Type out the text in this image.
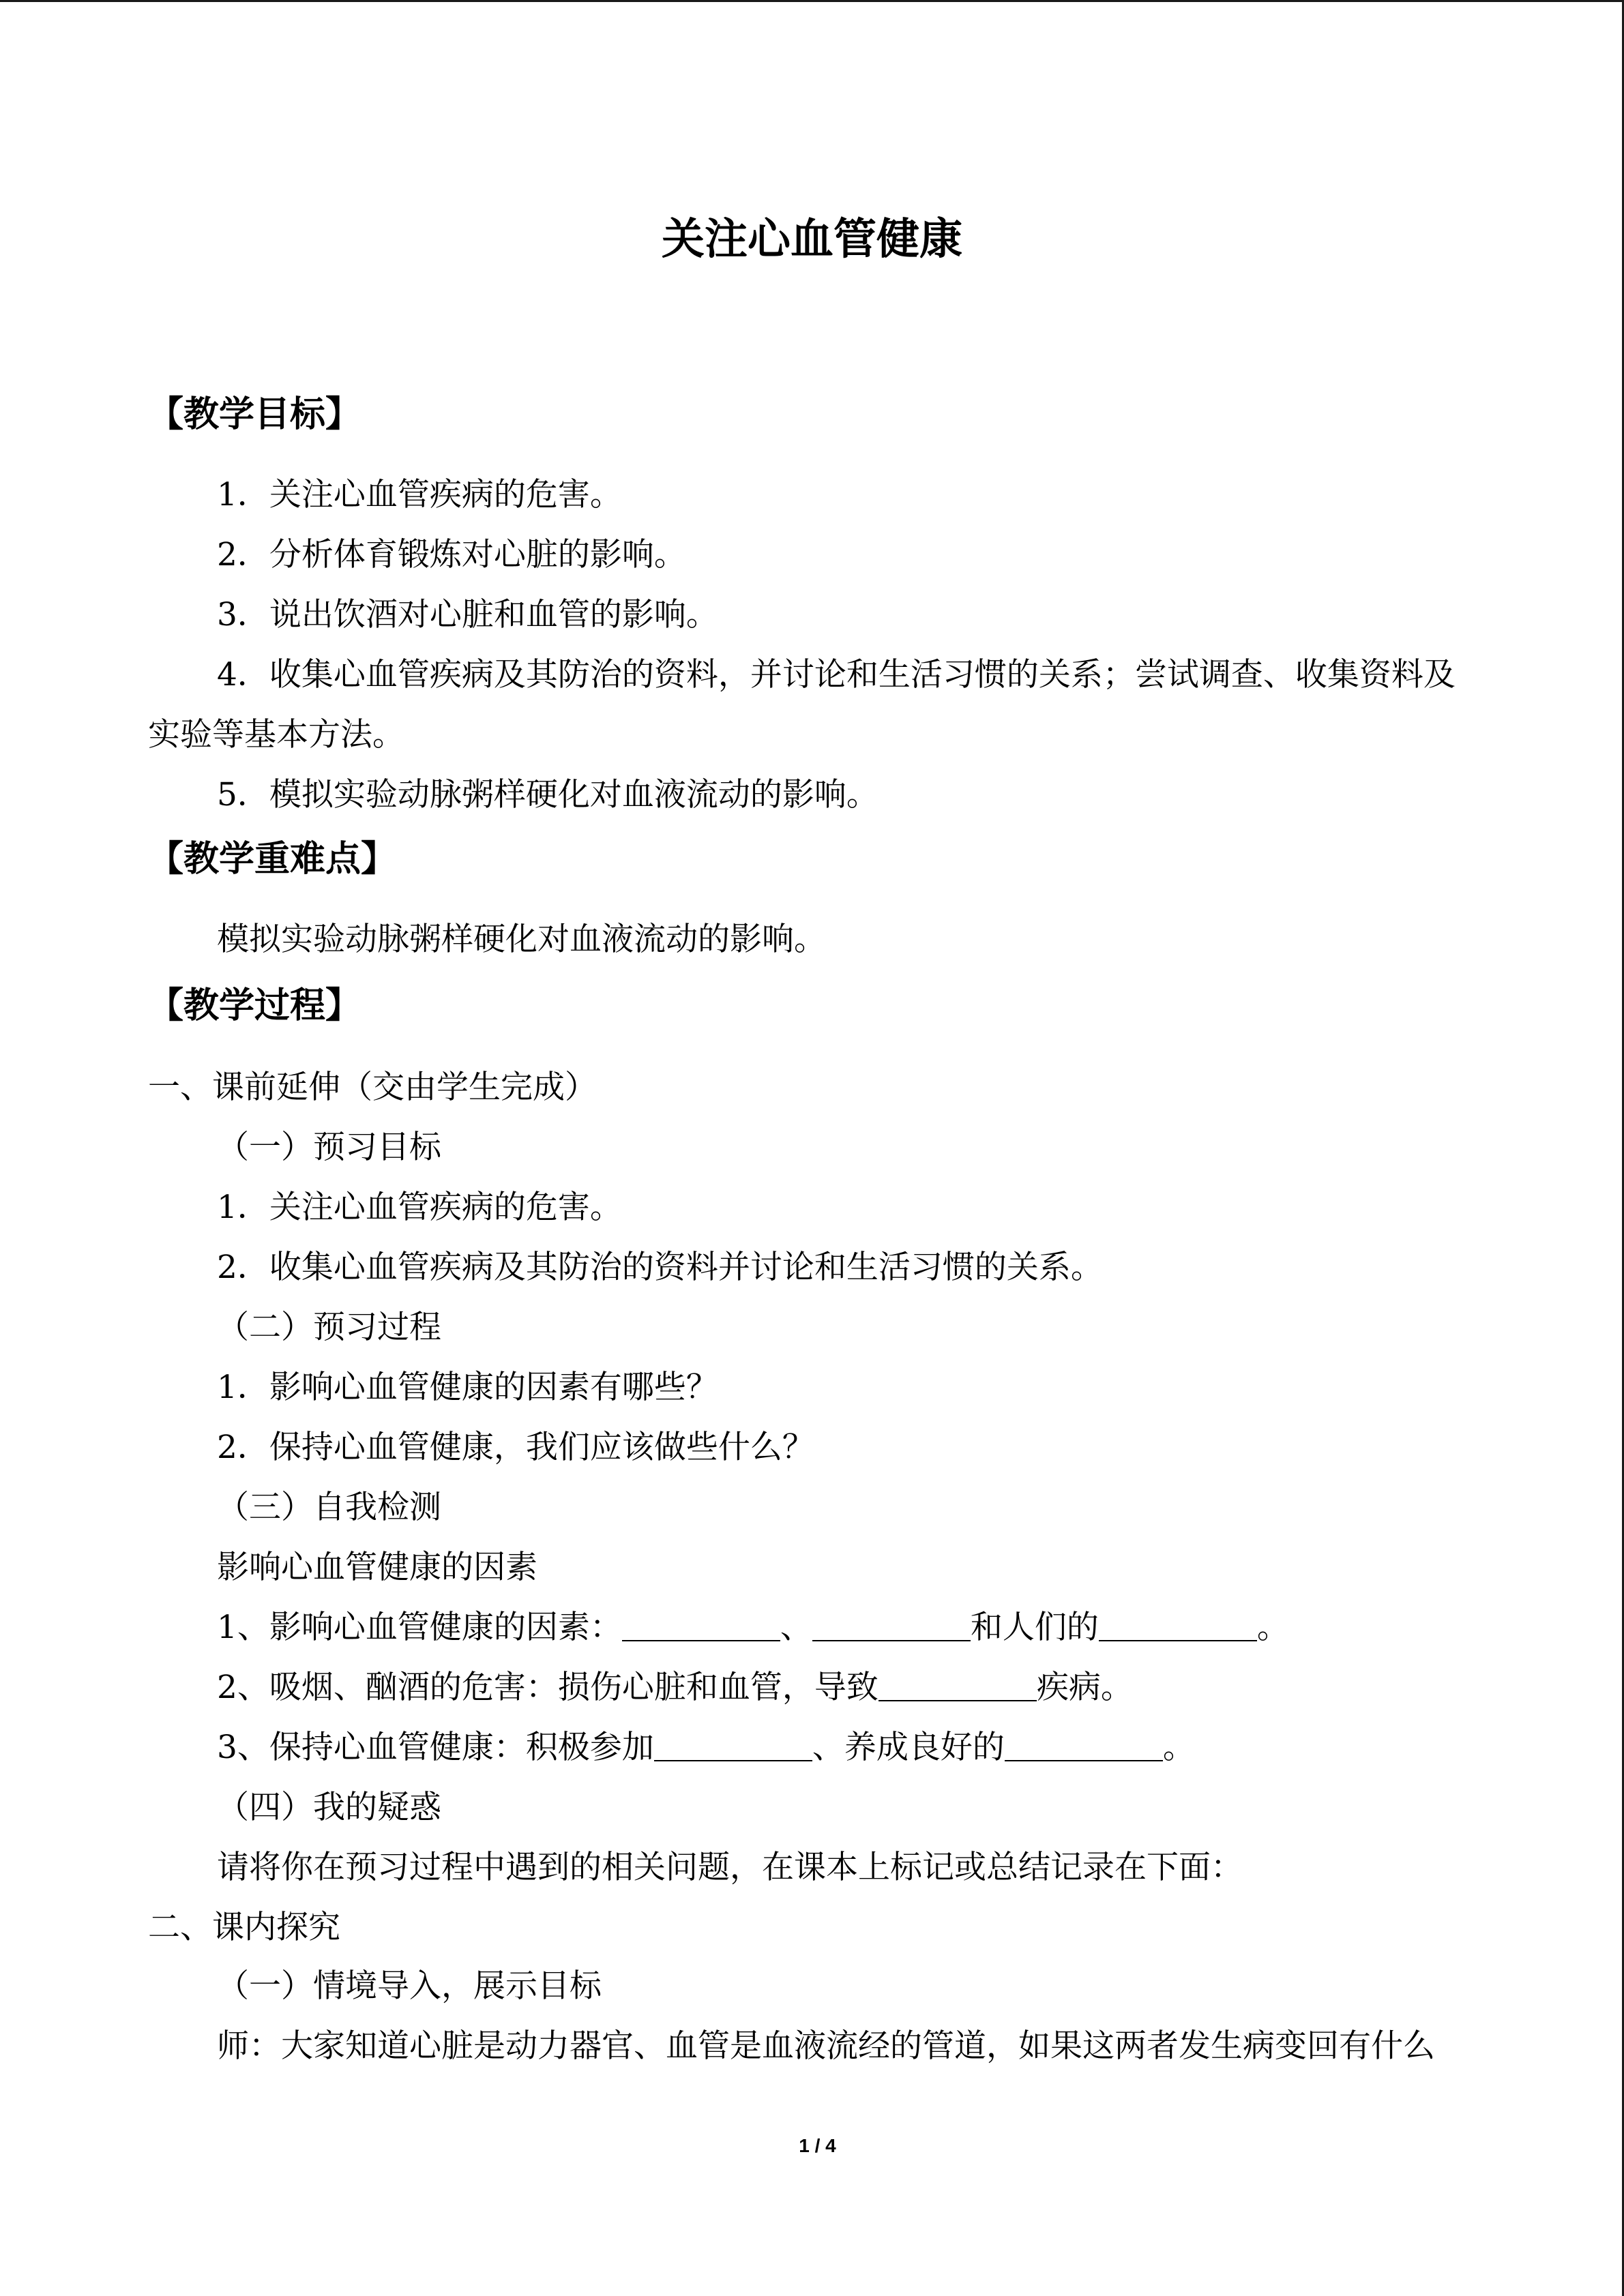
关注心血管健康
【教学目标】
1．关注心血管疾病的危害。
2．分析体育锻炼对心脏的影响。
3．说出饮酒对心脏和血管的影响。
4．收集心血管疾病及其防治的资料，并讨论和生活习惯的关系；尝试调查、收集资料及
实验等基本方法。
5．模拟实验动脉粥样硬化对血液流动的影响。
【教学重难点】
模拟实验动脉粥样硬化对血液流动的影响。
【教学过程】
一、课前延伸（交由学生完成）
（一）预习目标
1．关注心血管疾病的危害。
2．收集心血管疾病及其防治的资料并讨论和生活习惯的关系。
（二）预习过程
1．影响心血管健康的因素有哪些？
2．保持心血管健康，我们应该做些什么？
（三）自我检测
影响心血管健康的因素
1、影响心血管健康的因素：	、	和人们的	。
2、吸烟、酗酒的危害：损伤心脏和血管，导致	疾病。
3、保持心血管健康：积极参加	、养成良好的	。
（四）我的疑惑
请将你在预习过程中遇到的相关问题，在课本上标记或总结记录在下面：
二、课内探究
（一）情境导入，展示目标
师：大家知道心脏是动力器官、血管是血液流经的管道，如果这两者发生病变回有什么
1 / 4
